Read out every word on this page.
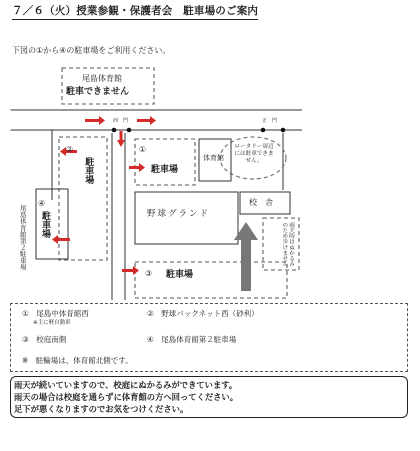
７／６（火）授業参観・保護者会　駐車場のご案内
下図の①から④の駐車場をご利用ください。
尾島体育館
駐車できません
西　門	正　門
①
駐車場
体育館
ロータリー周辺には駐車できません。
②
駐車場
野球グランド
校　舎
雨天時はぬかるみのため歩けません
③ 駐車場
④
駐車場
尾島体育館第２駐車場
①　尾島中体育館西
※主に軽自動車
②　野球バックネット西（砂利）
③　校庭南側	④　尾島体育館第２駐車場
※　駐輪場は、体育館北側です。
雨天が続いていますので、校庭にぬかるみができています。
雨天の場合は校庭を通らずに体育館の方へ回ってください。
足下が悪くなりますのでお気をつけください。
